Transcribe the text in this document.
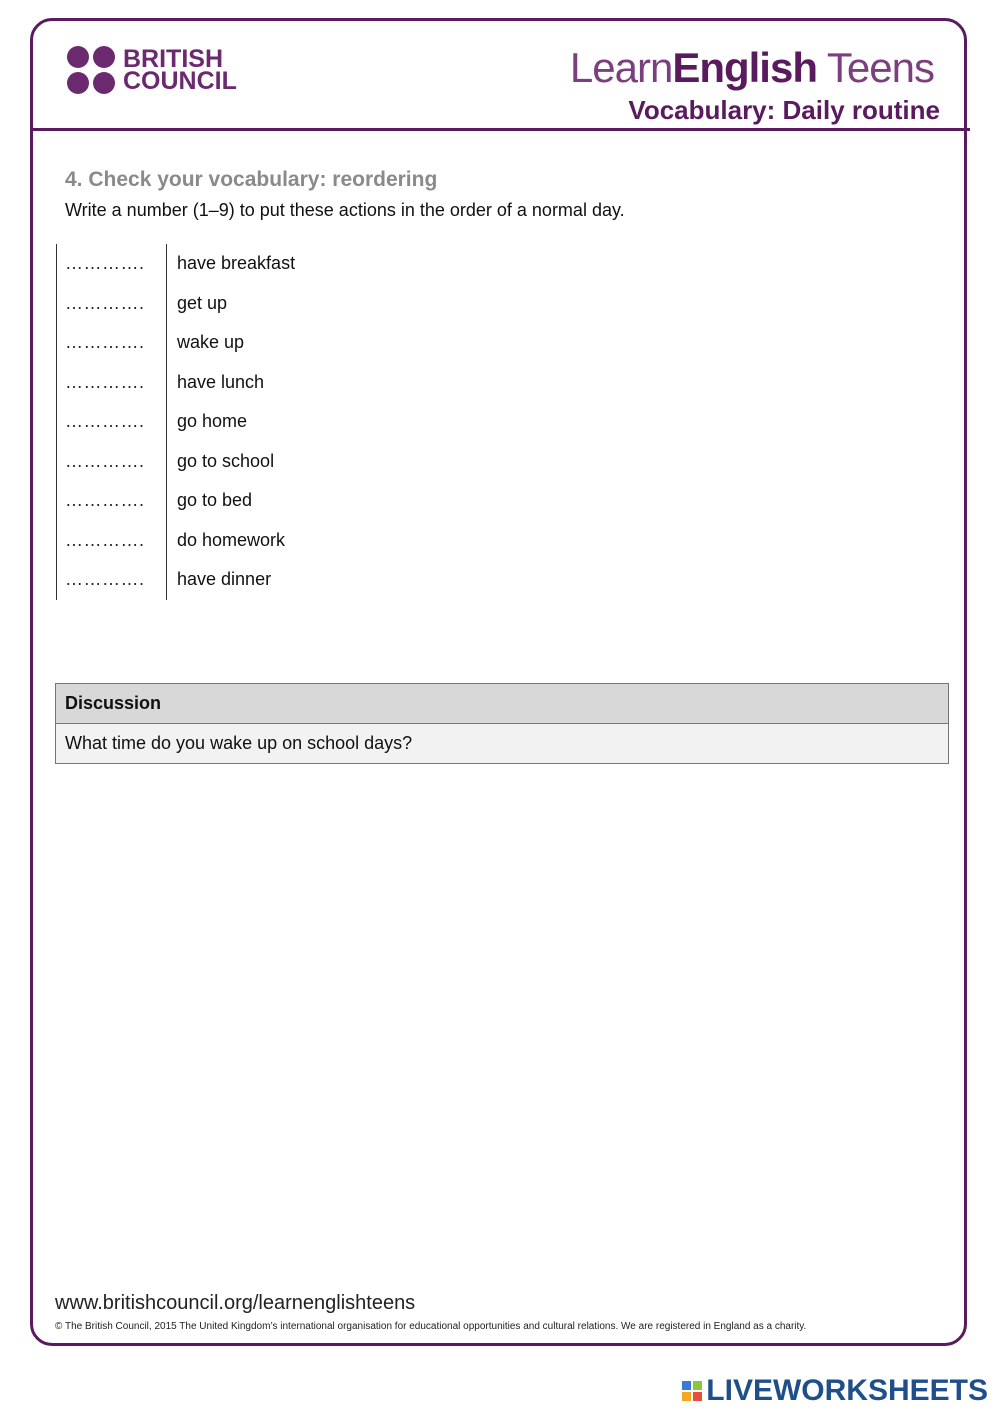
BRITISH
COUNCIL	LearnEnglish Teens
Vocabulary: Daily routine
4. Check your vocabulary: reordering
Write a number (1–9) to put these actions in the order of a normal day.
………….	have breakfast
………….	get up
………….	wake up
………….	have lunch
………….	go home
………….	go to school
………….	go to bed
………….	do homework
………….	have dinner
Discussion
What time do you wake up on school days?
www.britishcouncil.org/learnenglishteens
© The British Council, 2015 The United Kingdom’s international organisation for educational opportunities and cultural relations. We are registered in England as a charity.
LIVEWORKSHEETS
